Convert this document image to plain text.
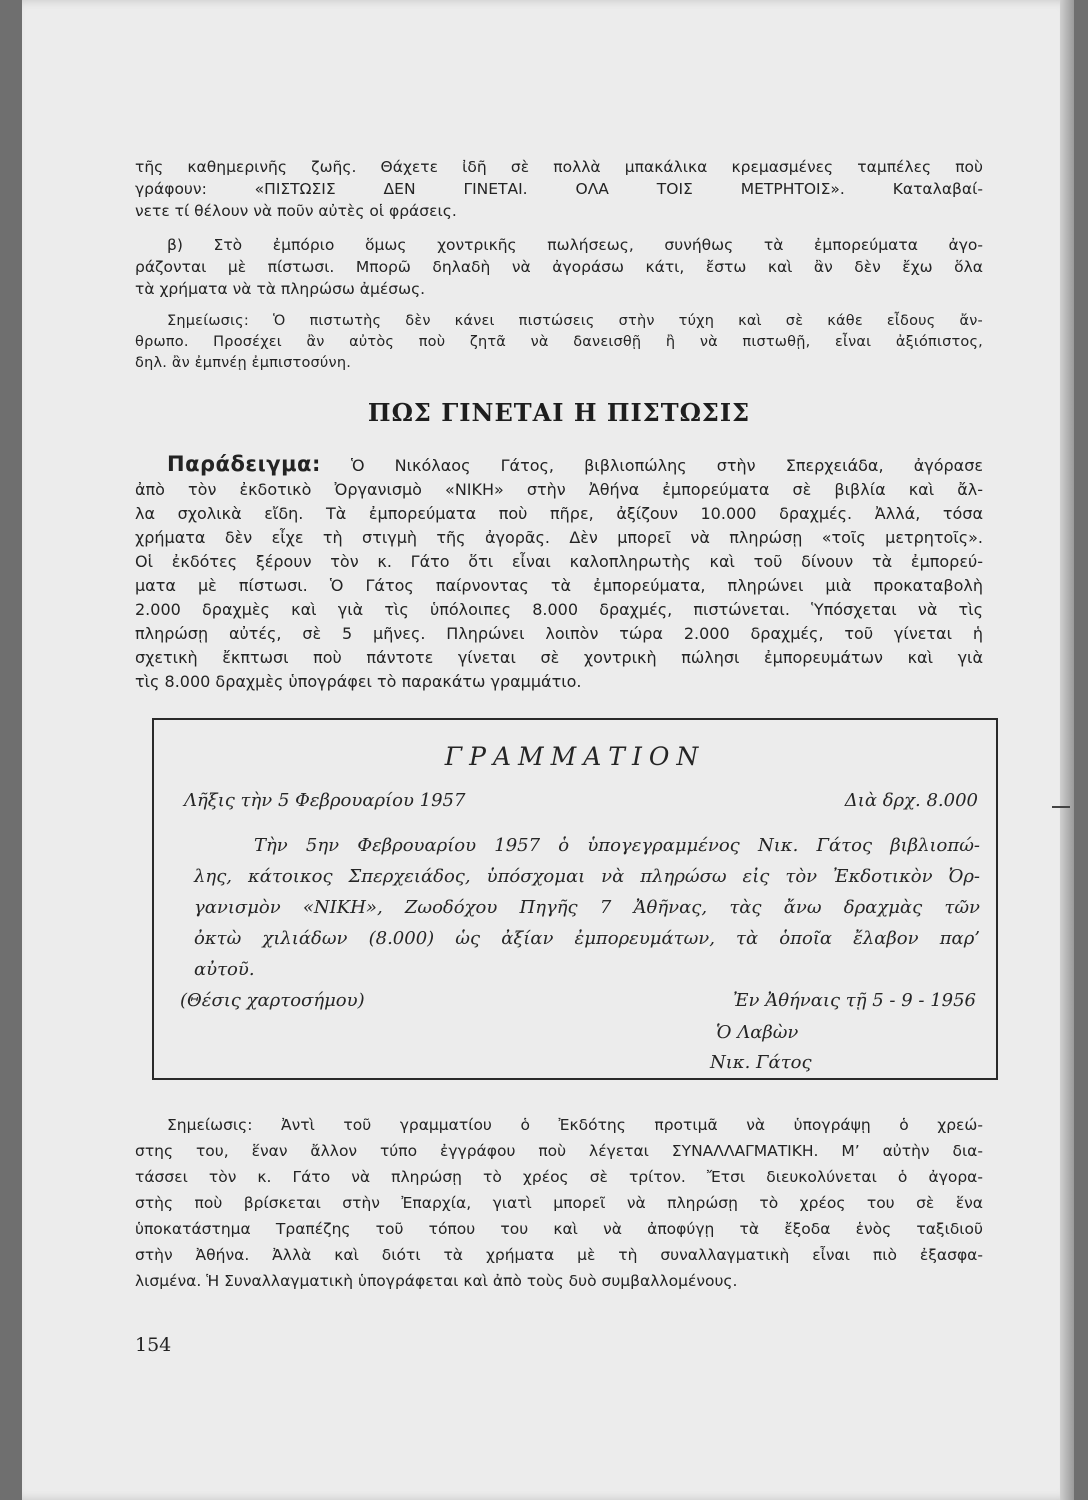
τῆς καθημερινῆς ζωῆς. Θάχετε ἰδῆ σὲ πολλὰ μπακάλικα κρεμασμένες ταμπέλες ποὺ
γράφουν: «ΠΙΣΤΩΣΙΣ ΔΕΝ ΓΙΝΕΤΑΙ. ΟΛΑ ΤΟΙΣ ΜΕΤΡΗΤΟΙΣ». Καταλαβαί-
νετε τί θέλουν νὰ ποῦν αὐτὲς οἱ φράσεις.

β) Στὸ ἐμπόριο ὅμως χοντρικῆς πωλήσεως, συνήθως τὰ ἐμπορεύματα ἀγο-
ράζονται μὲ πίστωσι. Μπορῶ δηλαδὴ νὰ ἀγοράσω κάτι, ἔστω καὶ ἂν δὲν ἔχω ὅλα
τὰ χρήματα νὰ τὰ πληρώσω ἀμέσως.

Σημείωσις: Ὁ πιστωτὴς δὲν κάνει πιστώσεις στὴν τύχη καὶ σὲ κάθε εἶδους ἄν-
θρωπο. Προσέχει ἂν αὐτὸς ποὺ ζητᾶ νὰ δανεισθῇ ἢ νὰ πιστωθῇ, εἶναι ἀξιόπιστος,
δηλ. ἂν ἐμπνέῃ ἐμπιστοσύνη.

ΠΩΣ ΓΙΝΕΤΑΙ Η ΠΙΣΤΩΣΙΣ

Παράδειγμα: Ὁ Νικόλαος Γάτος, βιβλιοπώλης στὴν Σπερχειάδα, ἀγόρασε
ἀπὸ τὸν ἐκδοτικὸ Ὀργανισμὸ «ΝΙΚΗ» στὴν Ἀθήνα ἐμπορεύματα σὲ βιβλία καὶ ἄλ-
λα σχολικὰ εἴδη. Τὰ ἐμπορεύματα ποὺ πῆρε, ἀξίζουν 10.000 δραχμές. Ἀλλά, τόσα
χρήματα δὲν εἶχε τὴ στιγμὴ τῆς ἀγορᾶς. Δὲν μπορεῖ νὰ πληρώσῃ «τοῖς μετρητοῖς».
Οἱ ἐκδότες ξέρουν τὸν κ. Γάτο ὅτι εἶναι καλοπληρωτὴς καὶ τοῦ δίνουν τὰ ἐμπορεύ-
ματα μὲ πίστωσι. Ὁ Γάτος παίρνοντας τὰ ἐμπορεύματα, πληρώνει μιὰ προκαταβολὴ
2.000 δραχμὲς καὶ γιὰ τὶς ὑπόλοιπες 8.000 δραχμές, πιστώνεται. Ὑπόσχεται νὰ τὶς
πληρώσῃ αὐτές, σὲ 5 μῆνες. Πληρώνει λοιπὸν τώρα 2.000 δραχμές, τοῦ γίνεται ἡ
σχετικὴ ἔκπτωσι ποὺ πάντοτε γίνεται σὲ χοντρικὴ πώλησι ἐμπορευμάτων καὶ γιὰ
τὶς 8.000 δραχμὲς ὑπογράφει τὸ παρακάτω γραμμάτιο.

ΓΡΑΜΜΑΤΙΟΝ
Λῆξις τὴν 5 Φεβρουαρίου 1957	Διὰ δρχ. 8.000
Τὴν 5ην Φεβρουαρίου 1957 ὁ ὑπογεγραμμένος Νικ. Γάτος βιβλιοπώ-
λης, κάτοικος Σπερχειάδος, ὑπόσχομαι νὰ πληρώσω εἰς τὸν Ἐκδοτικὸν Ὀρ-
γανισμὸν «ΝΙΚΗ», Ζωοδόχου Πηγῆς 7 Ἀθῆνας, τὰς ἄνω δραχμὰς τῶν
ὀκτὼ χιλιάδων (8.000) ὡς ἀξίαν ἐμπορευμάτων, τὰ ὁποῖα ἔλαβον παρ’
αὐτοῦ.
(Θέσις χαρτοσήμου)	Ἐν Ἀθήναις τῇ 5 - 9 - 1956
Ὁ Λαβὼν
Νικ. Γάτος

Σημείωσις: Ἀντὶ τοῦ γραμματίου ὁ Ἐκδότης προτιμᾶ νὰ ὑπογράψῃ ὁ χρεώ-
στης του, ἕναν ἄλλον τύπο ἐγγράφου ποὺ λέγεται ΣΥΝΑΛΛΑΓΜΑΤΙΚΗ. Μ’ αὐτὴν δια-
τάσσει τὸν κ. Γάτο νὰ πληρώσῃ τὸ χρέος σὲ τρίτον. Ἔτσι διευκολύνεται ὁ ἀγορα-
στὴς ποὺ βρίσκεται στὴν Ἐπαρχία, γιατὶ μπορεῖ νὰ πληρώσῃ τὸ χρέος του σὲ ἕνα
ὑποκατάστημα Τραπέζης τοῦ τόπου του καὶ νὰ ἀποφύγῃ τὰ ἔξοδα ἑνὸς ταξιδιοῦ
στὴν Ἀθήνα. Ἀλλὰ καὶ διότι τὰ χρήματα μὲ τὴ συναλλαγματικὴ εἶναι πιὸ ἐξασφα-
λισμένα. Ἡ Συναλλαγματικὴ ὑπογράφεται καὶ ἀπὸ τοὺς δυὸ συμβαλλομένους.

154
